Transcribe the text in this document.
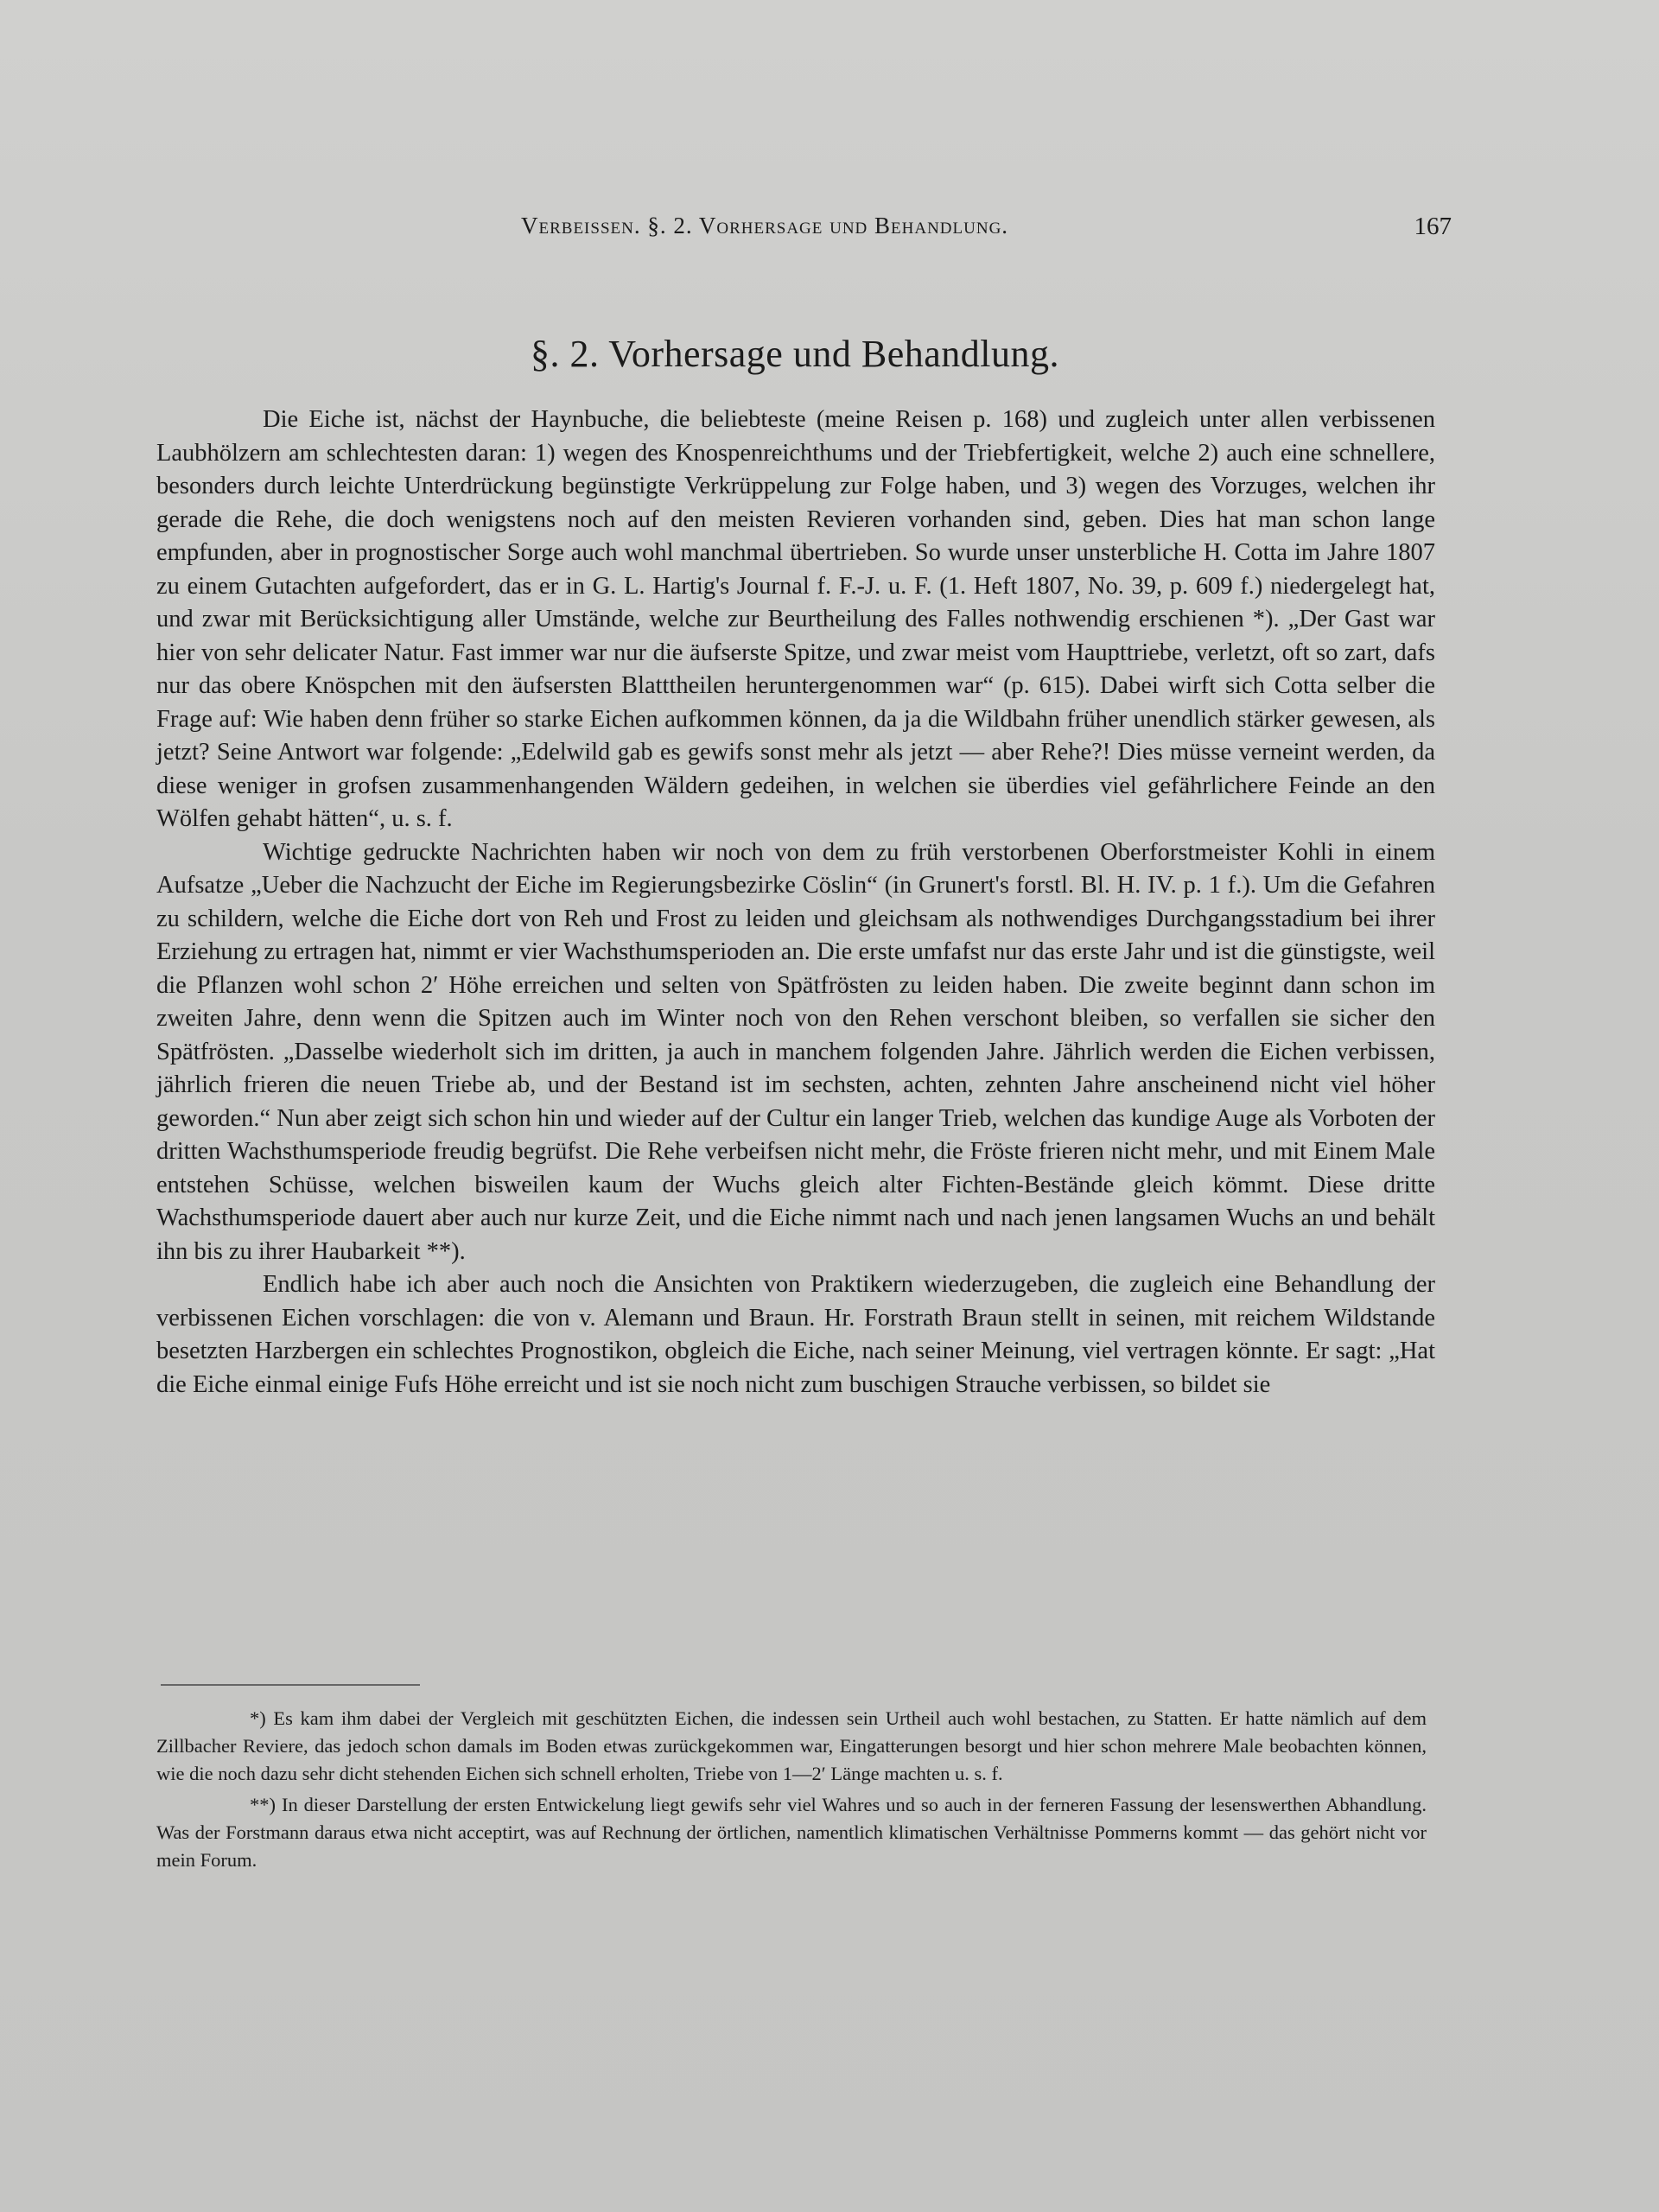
Verbeissen. §. 2. Vorhersage und Behandlung.	167
§. 2. Vorhersage und Behandlung.

Die Eiche ist, nächst der Haynbuche, die beliebteste (meine Reisen p. 168) und zugleich unter allen verbissenen Laubhölzern am schlechtesten daran: 1) wegen des Knospenreichthums und der Triebfertigkeit, welche 2) auch eine schnellere, besonders durch leichte Unterdrückung begünstigte Verkrüppelung zur Folge haben, und 3) wegen des Vorzuges, welchen ihr gerade die Rehe, die doch wenigstens noch auf den meisten Revieren vorhanden sind, geben. Dies hat man schon lange empfunden, aber in prognostischer Sorge auch wohl manchmal übertrieben. So wurde unser unsterbliche H. Cotta im Jahre 1807 zu einem Gutachten aufgefordert, das er in G. L. Hartig's Journal f. F.-J. u. F. (1. Heft 1807, No. 39, p. 609 f.) niedergelegt hat, und zwar mit Berücksichtigung aller Umstände, welche zur Beurtheilung des Falles nothwendig erschienen *). „Der Gast war hier von sehr delicater Natur. Fast immer war nur die äufserste Spitze, und zwar meist vom Haupttriebe, verletzt, oft so zart, dafs nur das obere Knöspchen mit den äufsersten Blatttheilen heruntergenommen war“ (p. 615). Dabei wirft sich Cotta selber die Frage auf: Wie haben denn früher so starke Eichen aufkommen können, da ja die Wildbahn früher unendlich stärker gewesen, als jetzt? Seine Antwort war folgende: „Edelwild gab es gewifs sonst mehr als jetzt — aber Rehe?! Dies müsse verneint werden, da diese weniger in grofsen zusammenhangenden Wäldern gedeihen, in welchen sie überdies viel gefährlichere Feinde an den Wölfen gehabt hätten“, u. s. f.

Wichtige gedruckte Nachrichten haben wir noch von dem zu früh verstorbenen Oberforstmeister Kohli in einem Aufsatze „Ueber die Nachzucht der Eiche im Regierungsbezirke Cöslin“ (in Grunert's forstl. Bl. H. IV. p. 1 f.). Um die Gefahren zu schildern, welche die Eiche dort von Reh und Frost zu leiden und gleichsam als nothwendiges Durchgangsstadium bei ihrer Erziehung zu ertragen hat, nimmt er vier Wachsthumsperioden an. Die erste umfafst nur das erste Jahr und ist die günstigste, weil die Pflanzen wohl schon 2′ Höhe erreichen und selten von Spätfrösten zu leiden haben. Die zweite beginnt dann schon im zweiten Jahre, denn wenn die Spitzen auch im Winter noch von den Rehen verschont bleiben, so verfallen sie sicher den Spätfrösten. „Dasselbe wiederholt sich im dritten, ja auch in manchem folgenden Jahre. Jährlich werden die Eichen verbissen, jährlich frieren die neuen Triebe ab, und der Bestand ist im sechsten, achten, zehnten Jahre anscheinend nicht viel höher geworden.“ Nun aber zeigt sich schon hin und wieder auf der Cultur ein langer Trieb, welchen das kundige Auge als Vorboten der dritten Wachsthumsperiode freudig begrüfst. Die Rehe verbeifsen nicht mehr, die Fröste frieren nicht mehr, und mit Einem Male entstehen Schüsse, welchen bisweilen kaum der Wuchs gleich alter Fichten-Bestände gleich kömmt. Diese dritte Wachsthumsperiode dauert aber auch nur kurze Zeit, und die Eiche nimmt nach und nach jenen langsamen Wuchs an und behält ihn bis zu ihrer Haubarkeit **).

Endlich habe ich aber auch noch die Ansichten von Praktikern wiederzugeben, die zugleich eine Behandlung der verbissenen Eichen vorschlagen: die von v. Alemann und Braun. Hr. Forstrath Braun stellt in seinen, mit reichem Wildstande besetzten Harzbergen ein schlechtes Prognostikon, obgleich die Eiche, nach seiner Meinung, viel vertragen könnte. Er sagt: „Hat die Eiche einmal einige Fufs Höhe erreicht und ist sie noch nicht zum buschigen Strauche verbissen, so bildet sie

*) Es kam ihm dabei der Vergleich mit geschützten Eichen, die indessen sein Urtheil auch wohl bestachen, zu Statten. Er hatte nämlich auf dem Zillbacher Reviere, das jedoch schon damals im Boden etwas zurückgekommen war, Eingatterungen besorgt und hier schon mehrere Male beobachten können, wie die noch dazu sehr dicht stehenden Eichen sich schnell erholten, Triebe von 1—2′ Länge machten u. s. f.

**) In dieser Darstellung der ersten Entwickelung liegt gewifs sehr viel Wahres und so auch in der ferneren Fassung der lesenswerthen Abhandlung. Was der Forstmann daraus etwa nicht acceptirt, was auf Rechnung der örtlichen, namentlich klimatischen Verhältnisse Pommerns kommt — das gehört nicht vor mein Forum.
